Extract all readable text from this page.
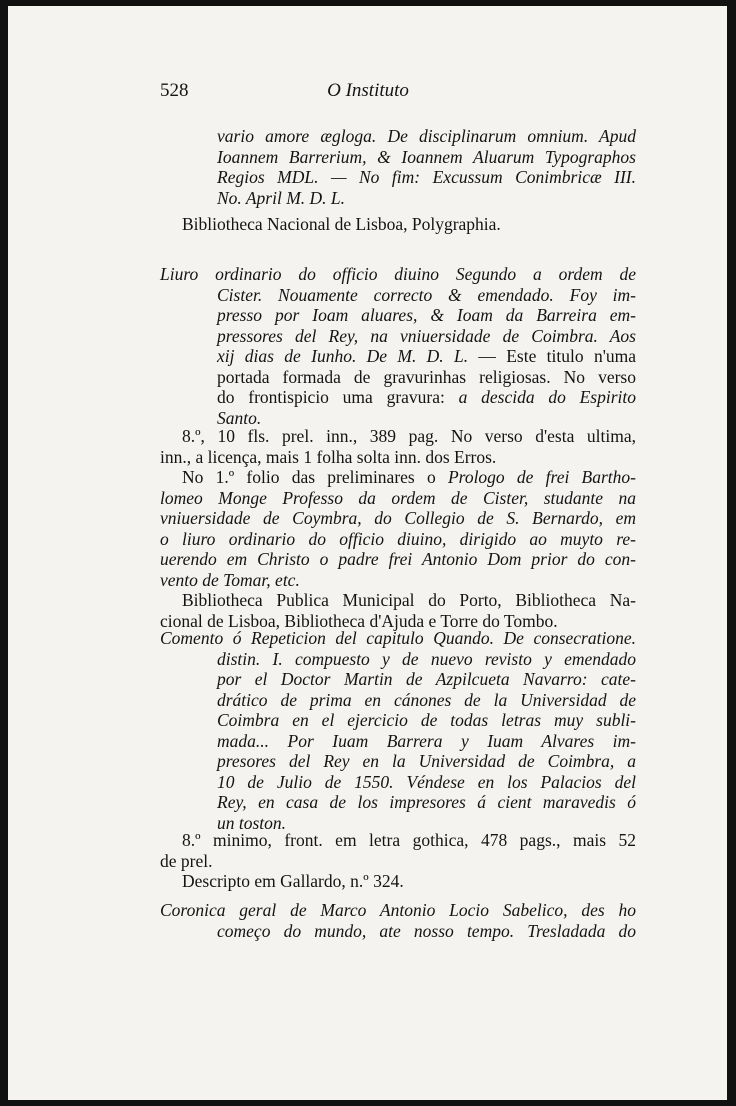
528	O Instituto
vario amore ægloga. De disciplinarum omnium. Apud
Ioannem Barrerium, & Ioannem Aluarum Typographos
Regios MDL. — No fim: Excussum Conimbricæ III.
No. April M. D. L.
Bibliotheca Nacional de Lisboa, Polygraphia.
Liuro ordinario do officio diuino Segundo a ordem de
Cister. Nouamente correcto & emendado. Foy im-
presso por Ioam aluares, & Ioam da Barreira em-
pressores del Rey, na vniuersidade de Coimbra. Aos
xij dias de Iunho. De M. D. L. — Este titulo n'uma
portada formada de gravurinhas religiosas. No verso
do frontispicio uma gravura: a descida do Espirito
Santo.
8.º, 10 fls. prel. inn., 389 pag. No verso d'esta ultima,
inn., a licença, mais 1 folha solta inn. dos Erros.
No 1.º folio das preliminares o Prologo de frei Bartho-
lomeo Monge Professo da ordem de Cister, studante na
vniuersidade de Coymbra, do Collegio de S. Bernardo, em
o liuro ordinario do officio diuino, dirigido ao muyto re-
uerendo em Christo o padre frei Antonio Dom prior do con-
vento de Tomar, etc.
Bibliotheca Publica Municipal do Porto, Bibliotheca Na-
cional de Lisboa, Bibliotheca d'Ajuda e Torre do Tombo.
Comento ó Repeticion del capitulo Quando. De consecratione.
distin. I. compuesto y de nuevo revisto y emendado
por el Doctor Martin de Azpilcueta Navarro: cate-
drático de prima en cánones de la Universidad de
Coimbra en el ejercicio de todas letras muy subli-
mada... Por Iuam Barrera y Iuam Alvares im-
presores del Rey en la Universidad de Coimbra, a
10 de Julio de 1550. Véndese en los Palacios del
Rey, en casa de los impresores á cient maravedis ó
un toston.
8.º minimo, front. em letra gothica, 478 pags., mais 52
de prel.
Descripto em Gallardo, n.º 324.
Coronica geral de Marco Antonio Locio Sabelico, des ho
começo do mundo, ate nosso tempo. Tresladada do
